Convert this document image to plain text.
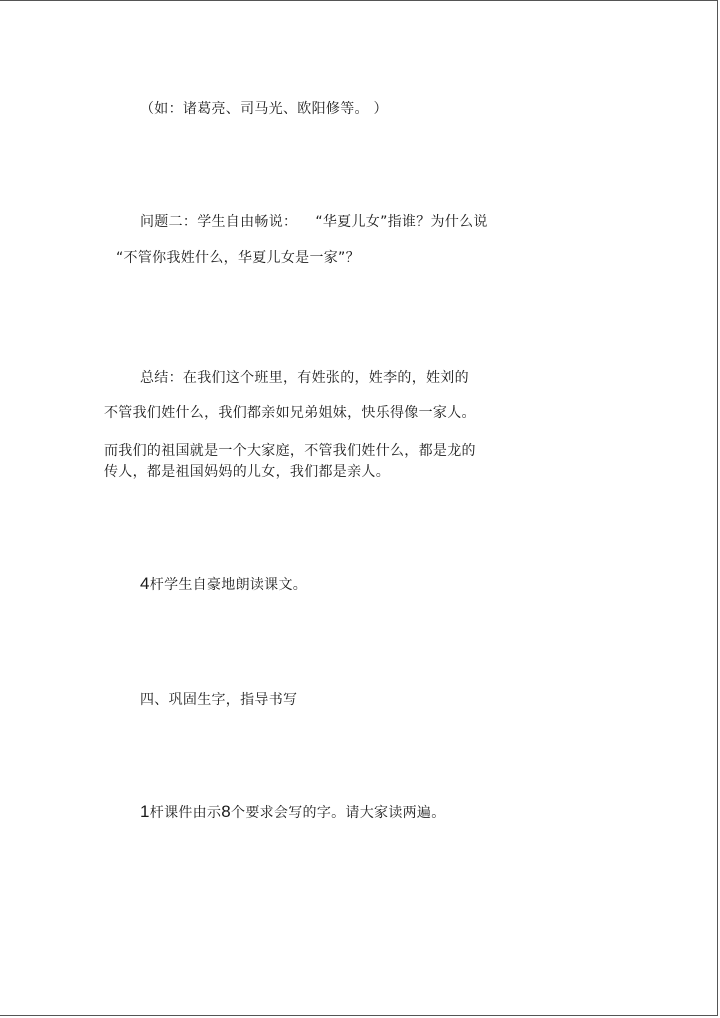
（如：诸葛亮、司马光、欧阳修等。 ）
问题二：学生自由畅说： “华夏儿女”指谁？为什么说
“不管你我姓什么，华夏儿女是一家”？
总结：在我们这个班里，有姓张的，姓李的，姓刘的
不管我们姓什么，我们都亲如兄弟姐妹，快乐得像一家人。
而我们的祖国就是一个大家庭，不管我们姓什么，都是龙的
传人，都是祖国妈妈的儿女，我们都是亲人。
4杆学生自豪地朗读课文。
四、巩固生字，指导书写
1杆课件由示8个要求会写的字。请大家读两遍。
